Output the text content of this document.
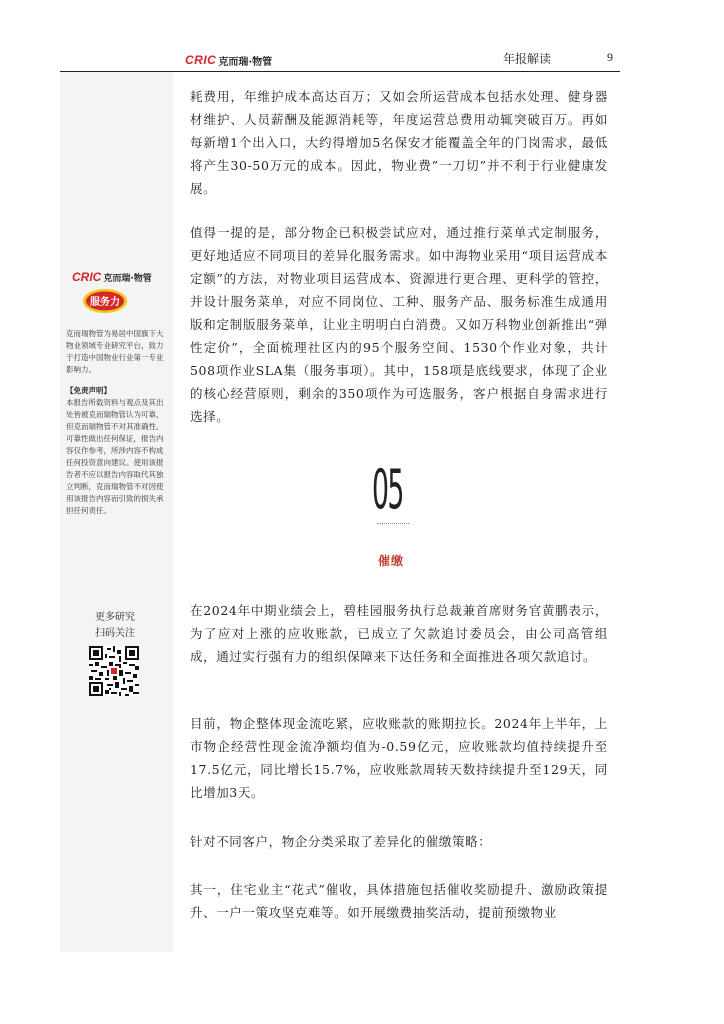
CRIC 克而瑞·物管	年报解读	9
CRIC 克而瑞·物管
服务力
克而瑞物管为易居中国旗下大物业领域专业研究平台，致力于打造中国物业行业第一专业影响力。
【免责声明】
本报告所载资料与观点及其出处皆被克而瑞物管认为可靠，但克而瑞物管不对其准确性、可靠性做出任何保证，报告内容仅作参考，所涉内容不构成任何投资意向建议。使用该报告者不应以报告内容取代其独立判断，克而瑞物管不对因使用该报告内容而引致的损失承担任何责任。
更多研究
扫码关注
耗费用，年维护成本高达百万；又如会所运营成本包括水处理、健身器材维护、人员薪酬及能源消耗等，年度运营总费用动辄突破百万。再如每新增1个出入口，大约得增加5名保安才能覆盖全年的门岗需求，最低将产生30-50万元的成本。因此，物业费”一刀切”并不利于行业健康发展。
值得一提的是，部分物企已积极尝试应对，通过推行菜单式定制服务，更好地适应不同项目的差异化服务需求。如中海物业采用“项目运营成本定额”的方法，对物业项目运营成本、资源进行更合理、更科学的管控，并设计服务菜单，对应不同岗位、工种、服务产品、服务标准生成通用版和定制版服务菜单，让业主明明白白消费。又如万科物业创新推出“弹性定价”，全面梳理社区内的95个服务空间、1530个作业对象，共计508项作业SLA集（服务事项）。其中，158项是底线要求，体现了企业的核心经营原则，剩余的350项作为可选服务，客户根据自身需求进行选择。
05
催缴
在2024年中期业绩会上，碧桂园服务执行总裁兼首席财务官黄鹏表示，为了应对上涨的应收账款，已成立了欠款追讨委员会，由公司高管组成，通过实行强有力的组织保障来下达任务和全面推进各项欠款追讨。
目前，物企整体现金流吃紧，应收账款的账期拉长。2024年上半年，上市物企经营性现金流净额均值为-0.59亿元，应收账款均值持续提升至17.5亿元，同比增长15.7%，应收账款周转天数持续提升至129天，同比增加3天。
针对不同客户，物企分类采取了差异化的催缴策略：
其一，住宅业主“花式”催收，具体措施包括催收奖励提升、激励政策提升、一户一策攻坚克难等。如开展缴费抽奖活动，提前预缴物业
